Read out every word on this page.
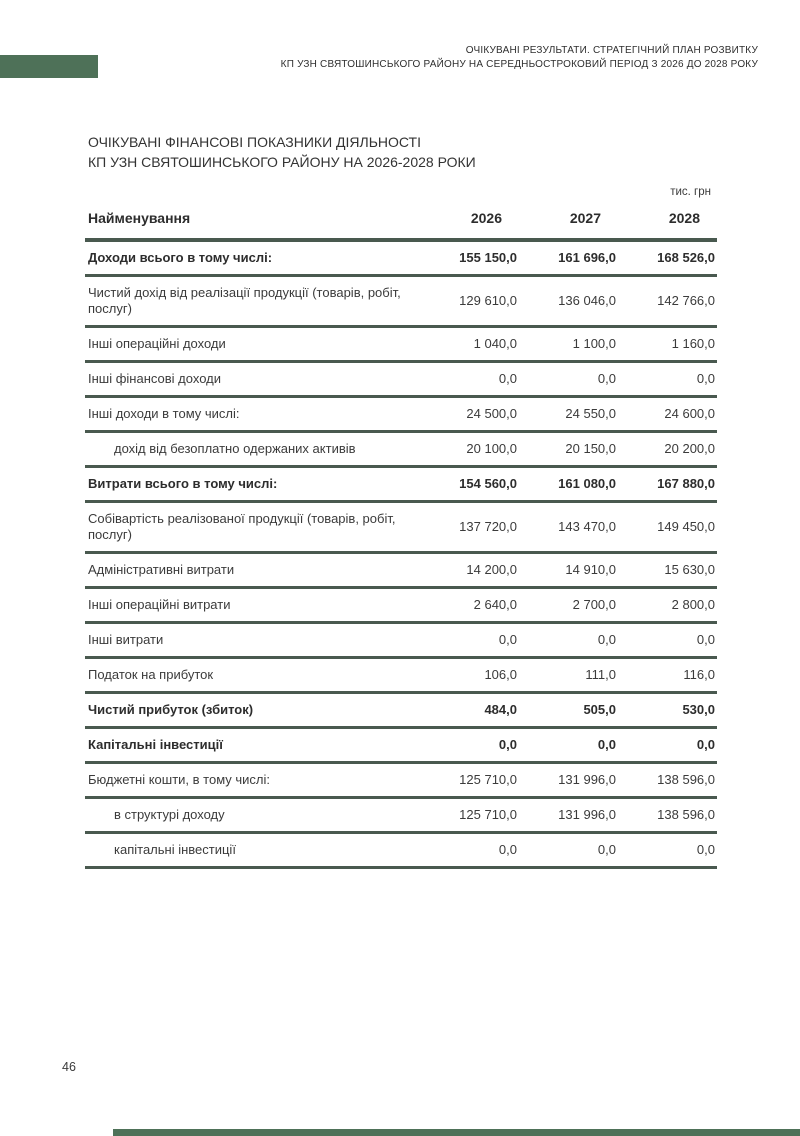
ОЧІКУВАНІ РЕЗУЛЬТАТИ. СТРАТЕГІЧНИЙ ПЛАН РОЗВИТКУ
КП УЗН СВЯТОШИНСЬКОГО РАЙОНУ НА СЕРЕДНЬОСТРОКОВИЙ ПЕРІОД З 2026 ДО 2028 РОКУ
ОЧІКУВАНІ ФІНАНСОВІ ПОКАЗНИКИ ДІЯЛЬНОСТІ
КП УЗН СВЯТОШИНСЬКОГО РАЙОНУ НА 2026-2028 РОКИ
тис. грн
Найменування	2026	2027	2028
Доходи всього в тому числі:	155 150,0	161 696,0	168 526,0
Чистий дохід від реалізації продукції (товарів, робіт, послуг)	129 610,0	136 046,0	142 766,0
Інші операційні доходи	1 040,0	1 100,0	1 160,0
Інші фінансові доходи	0,0	0,0	0,0
Інші доходи в тому числі:	24 500,0	24 550,0	24 600,0
дохід від безоплатно одержаних активів	20 100,0	20 150,0	20 200,0
Витрати всього в тому числі:	154 560,0	161 080,0	167 880,0
Собівартість реалізованої продукції (товарів, робіт, послуг)	137 720,0	143 470,0	149 450,0
Адміністративні витрати	14 200,0	14 910,0	15 630,0
Інші операційні витрати	2 640,0	2 700,0	2 800,0
Інші витрати	0,0	0,0	0,0
Податок на прибуток	106,0	111,0	116,0
Чистий прибуток (збиток)	484,0	505,0	530,0
Капітальні інвестиції	0,0	0,0	0,0
Бюджетні кошти, в тому числі:	125 710,0	131 996,0	138 596,0
в структурі доходу	125 710,0	131 996,0	138 596,0
капітальні інвестиції	0,0	0,0	0,0
46
